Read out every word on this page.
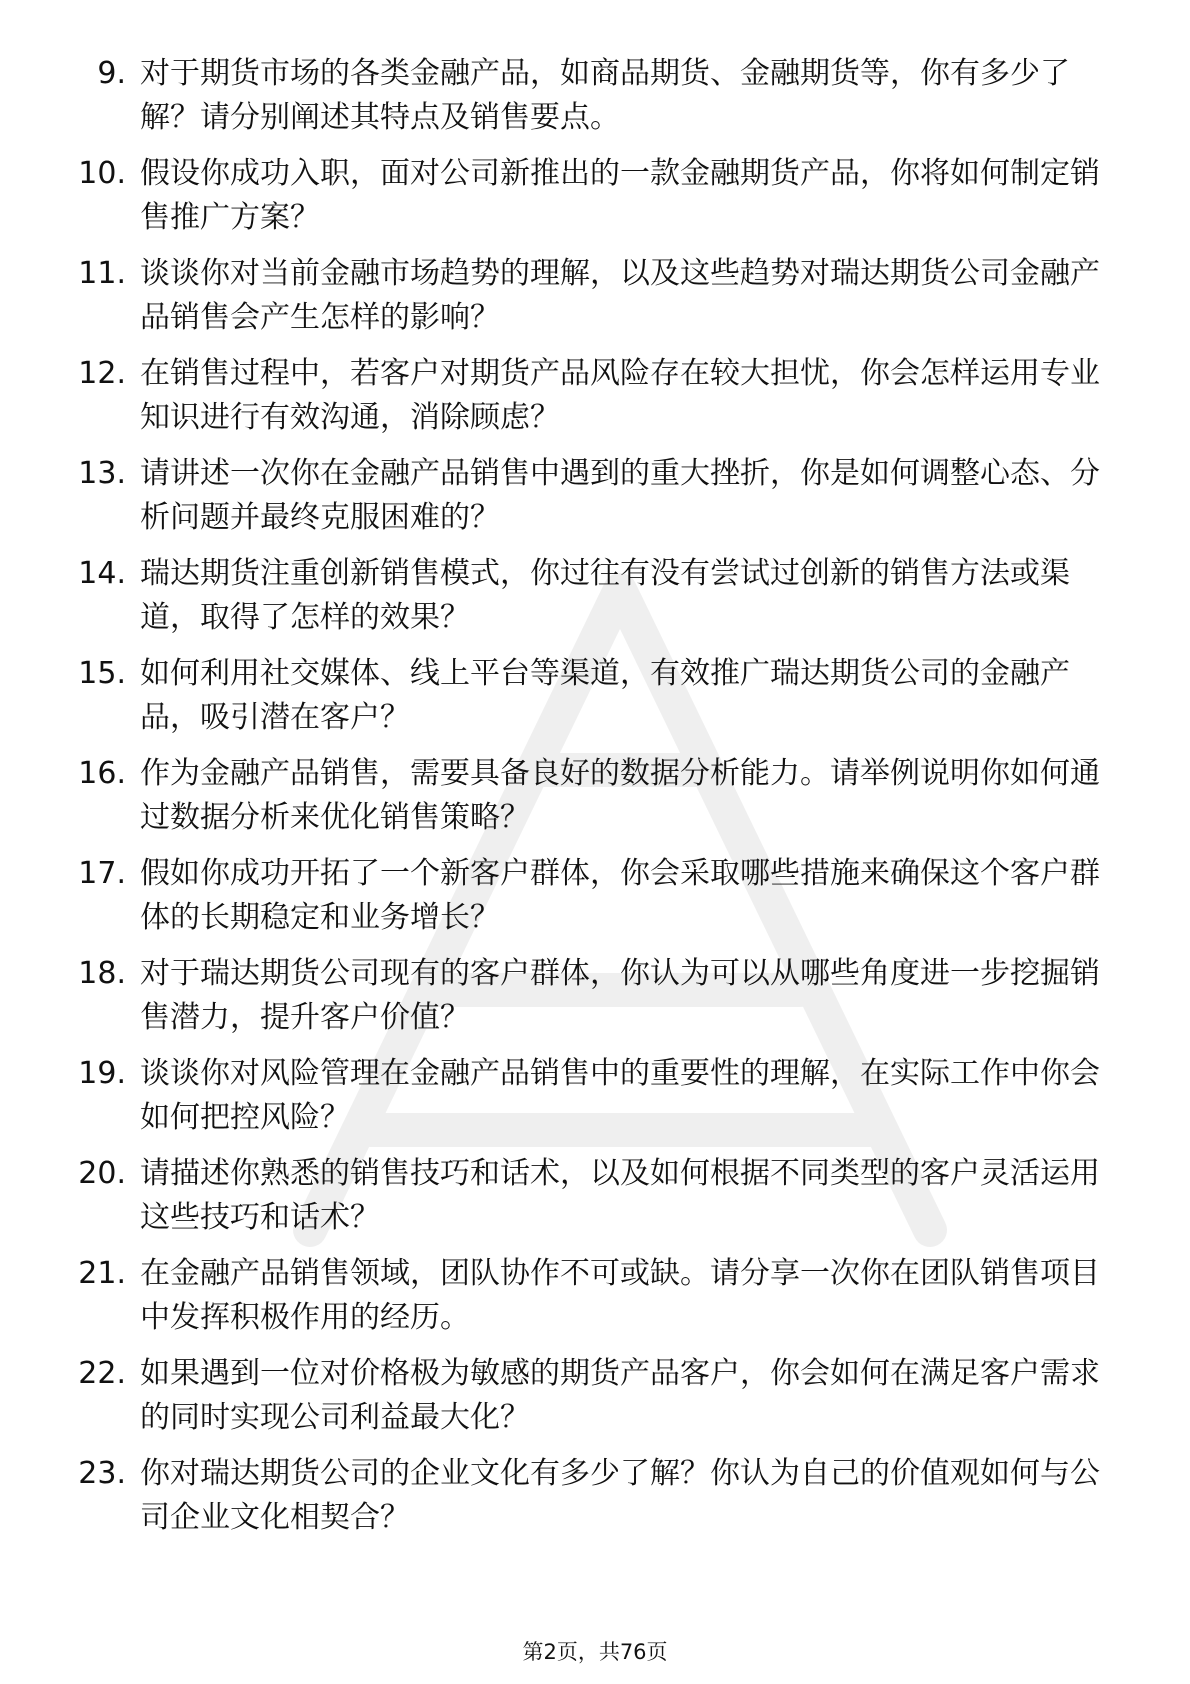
9. 对于期货市场的各类金融产品，如商品期货、金融期货等，你有多少了解？请分别阐述其特点及销售要点。
10. 假设你成功入职，面对公司新推出的一款金融期货产品，你将如何制定销售推广方案？
11. 谈谈你对当前金融市场趋势的理解，以及这些趋势对瑞达期货公司金融产品销售会产生怎样的影响？
12. 在销售过程中，若客户对期货产品风险存在较大担忧，你会怎样运用专业知识进行有效沟通，消除顾虑？
13. 请讲述一次你在金融产品销售中遇到的重大挫折，你是如何调整心态、分析问题并最终克服困难的？
14. 瑞达期货注重创新销售模式，你过往有没有尝试过创新的销售方法或渠道，取得了怎样的效果？
15. 如何利用社交媒体、线上平台等渠道，有效推广瑞达期货公司的金融产品，吸引潜在客户？
16. 作为金融产品销售，需要具备良好的数据分析能力。请举例说明你如何通过数据分析来优化销售策略？
17. 假如你成功开拓了一个新客户群体，你会采取哪些措施来确保这个客户群体的长期稳定和业务增长？
18. 对于瑞达期货公司现有的客户群体，你认为可以从哪些角度进一步挖掘销售潜力，提升客户价值？
19. 谈谈你对风险管理在金融产品销售中的重要性的理解，在实际工作中你会如何把控风险？
20. 请描述你熟悉的销售技巧和话术，以及如何根据不同类型的客户灵活运用这些技巧和话术？
21. 在金融产品销售领域，团队协作不可或缺。请分享一次你在团队销售项目中发挥积极作用的经历。
22. 如果遇到一位对价格极为敏感的期货产品客户，你会如何在满足客户需求的同时实现公司利益最大化？
23. 你对瑞达期货公司的企业文化有多少了解？你认为自己的价值观如何与公司企业文化相契合？
第2页，共76页
